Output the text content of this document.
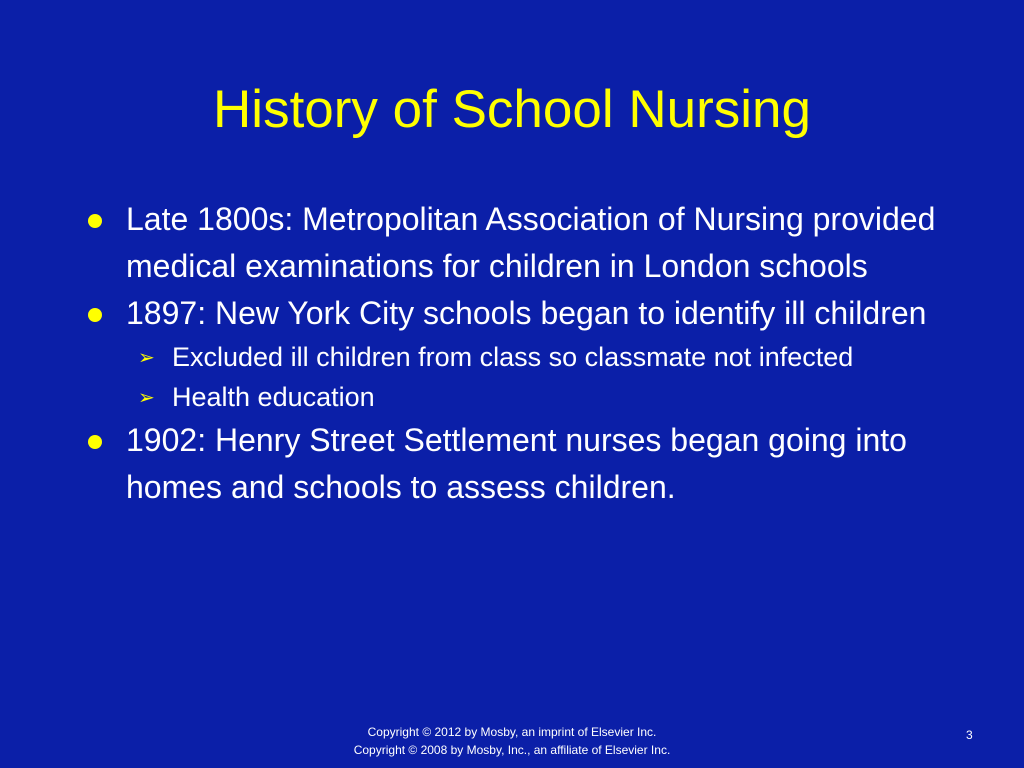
History of School Nursing
Late 1800s: Metropolitan Association of Nursing provided medical examinations for children in London schools
1897: New York City schools began to identify ill children
➢ Excluded ill children from class so classmate not infected
➢ Health education
1902: Henry Street Settlement nurses began going into homes and schools to assess children.
Copyright © 2012 by Mosby, an imprint of Elsevier Inc.
Copyright © 2008 by Mosby, Inc., an affiliate of Elsevier Inc.
3
